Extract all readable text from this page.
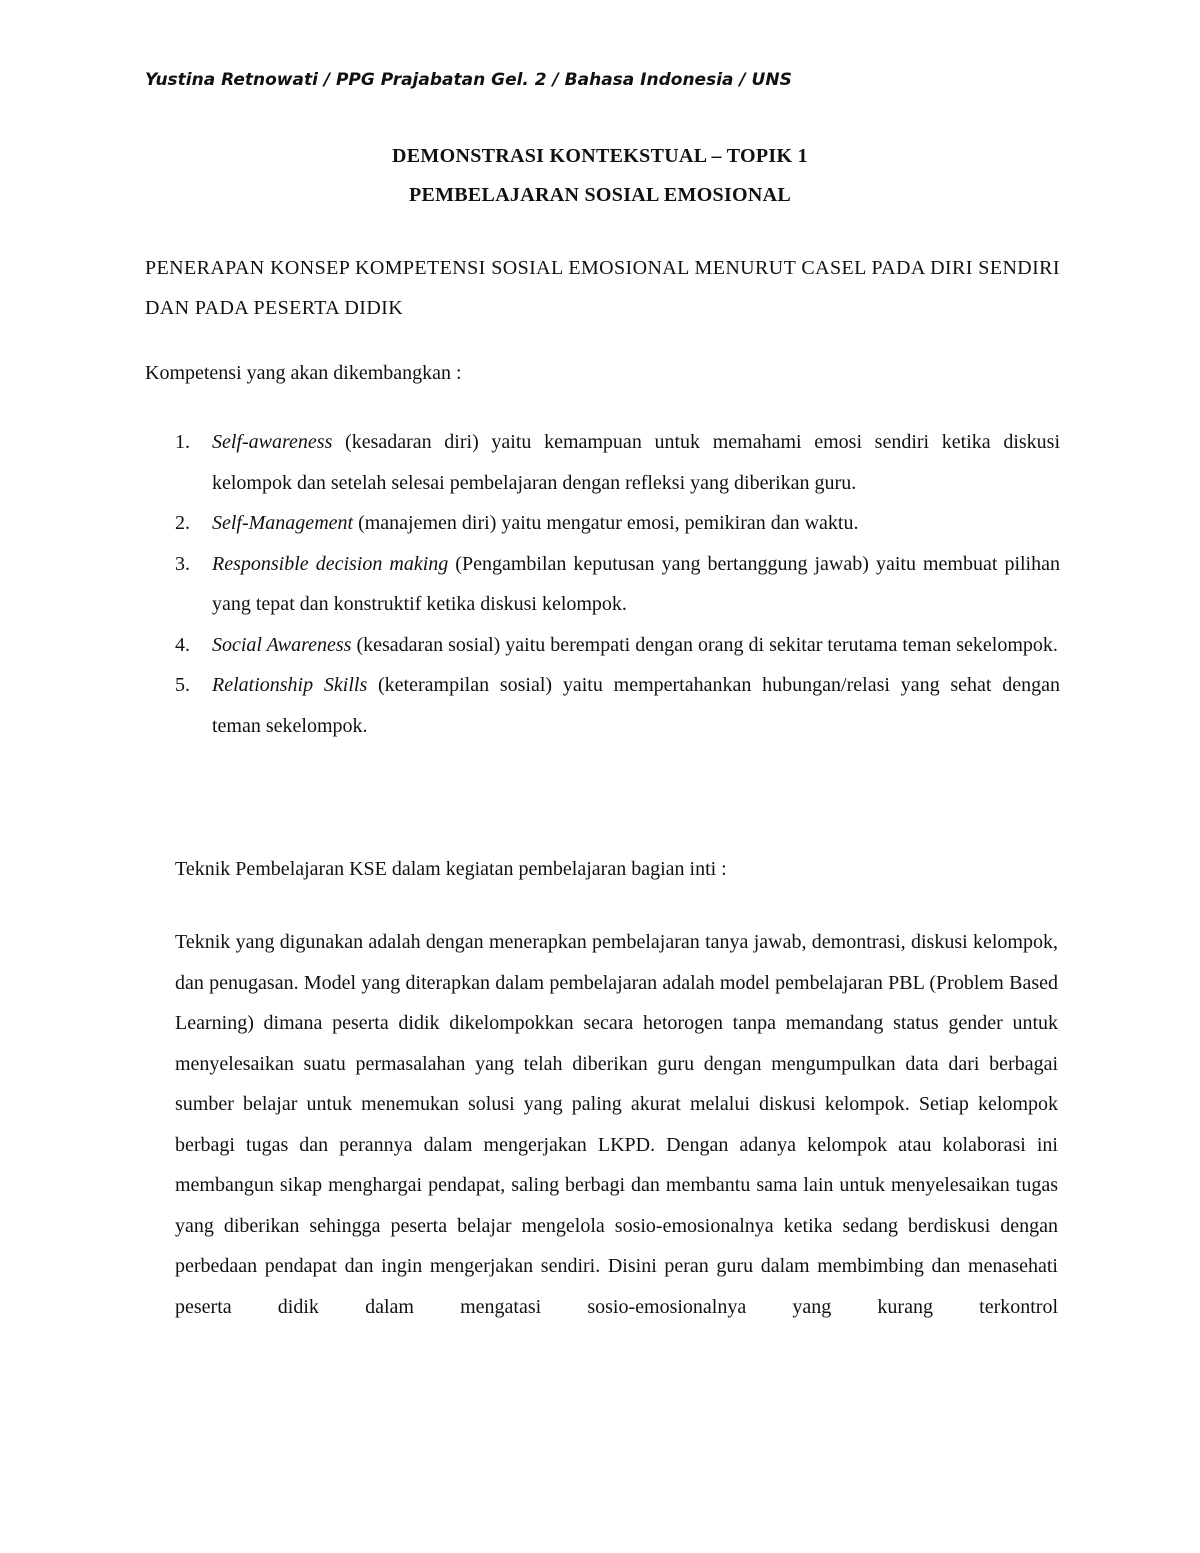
Yustina Retnowati / PPG Prajabatan Gel. 2 / Bahasa Indonesia / UNS
DEMONSTRASI KONTEKSTUAL – TOPIK 1
PEMBELAJARAN SOSIAL EMOSIONAL
PENERAPAN KONSEP KOMPETENSI SOSIAL EMOSIONAL MENURUT CASEL PADA DIRI SENDIRI DAN PADA PESERTA DIDIK
Kompetensi yang akan dikembangkan :
1. Self-awareness (kesadaran diri) yaitu kemampuan untuk memahami emosi sendiri ketika diskusi kelompok dan setelah selesai pembelajaran dengan refleksi yang diberikan guru.
2. Self-Management (manajemen diri) yaitu mengatur emosi, pemikiran dan waktu.
3. Responsible decision making (Pengambilan keputusan yang bertanggung jawab) yaitu membuat pilihan yang tepat dan konstruktif ketika diskusi kelompok.
4. Social Awareness (kesadaran sosial) yaitu berempati dengan orang di sekitar terutama teman sekelompok.
5. Relationship Skills (keterampilan sosial) yaitu mempertahankan hubungan/relasi yang sehat dengan teman sekelompok.
Teknik Pembelajaran KSE dalam kegiatan pembelajaran bagian inti :

Teknik yang digunakan adalah dengan menerapkan pembelajaran tanya jawab, demontrasi, diskusi kelompok, dan penugasan. Model yang diterapkan dalam pembelajaran adalah model pembelajaran PBL (Problem Based Learning) dimana peserta didik dikelompokkan secara hetorogen tanpa memandang status gender untuk menyelesaikan suatu permasalahan yang telah diberikan guru dengan mengumpulkan data dari berbagai sumber belajar untuk menemukan solusi yang paling akurat melalui diskusi kelompok. Setiap kelompok berbagi tugas dan perannya dalam mengerjakan LKPD. Dengan adanya kelompok atau kolaborasi ini membangun sikap menghargai pendapat, saling berbagi dan membantu sama lain untuk menyelesaikan tugas yang diberikan sehingga peserta belajar mengelola sosio-emosionalnya ketika sedang berdiskusi dengan perbedaan pendapat dan ingin mengerjakan sendiri. Disini peran guru dalam membimbing dan menasehati peserta didik dalam mengatasi sosio-emosionalnya yang kurang terkontrol
